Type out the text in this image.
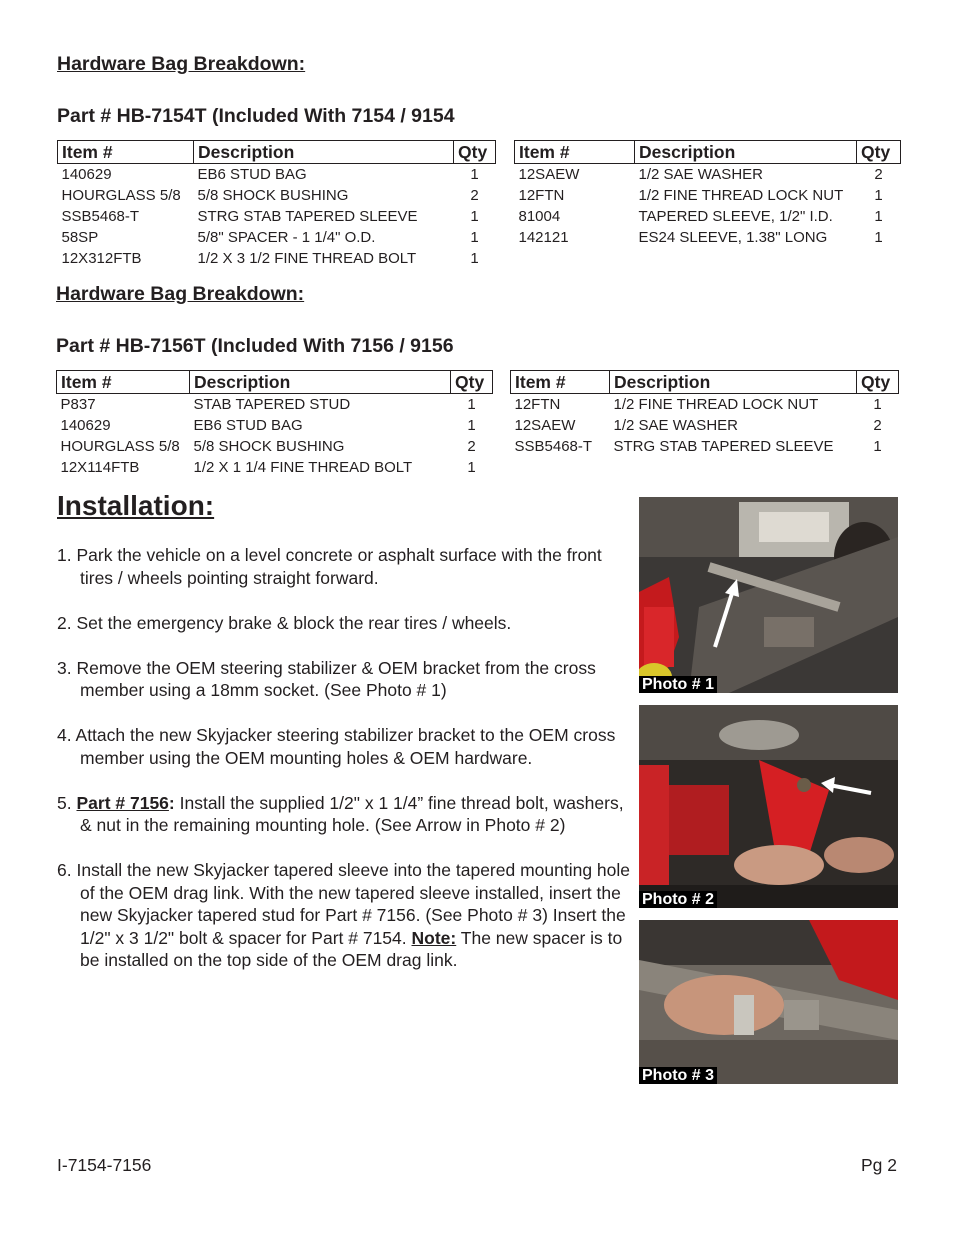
Hardware Bag Breakdown:
Part # HB-7154T (Included With 7154 / 9154
Item #	Description	Qty
140629	EB6 STUD BAG	1
HOURGLASS 5/8	5/8 SHOCK BUSHING	2
SSB5468-T	STRG STAB TAPERED SLEEVE	1
58SP	5/8" SPACER - 1 1/4" O.D.	1
12X312FTB	1/2 X 3 1/2 FINE THREAD BOLT	1
Item #	Description	Qty
12SAEW	1/2 SAE WASHER	2
12FTN	1/2 FINE THREAD LOCK NUT	1
81004	TAPERED SLEEVE, 1/2" I.D.	1
142121	ES24 SLEEVE, 1.38" LONG	1
Hardware Bag Breakdown:
Part # HB-7156T (Included With 7156 / 9156
Item #	Description	Qty
P837	STAB TAPERED STUD	1
140629	EB6 STUD BAG	1
HOURGLASS 5/8	5/8 SHOCK BUSHING	2
12X114FTB	1/2 X 1 1/4 FINE THREAD BOLT	1
Item #	Description	Qty
12FTN	1/2 FINE THREAD LOCK NUT	1
12SAEW	1/2 SAE WASHER	2
SSB5468-T	STRG STAB TAPERED SLEEVE	1
Installation:
1. Park the vehicle on a level concrete or asphalt surface with the front tires / wheels pointing straight forward.
2. Set the emergency brake & block the rear tires / wheels.
3. Remove the OEM steering stabilizer & OEM bracket from the cross member using a 18mm socket. (See Photo # 1)
4. Attach the new Skyjacker steering stabilizer bracket to the OEM cross member using the OEM mounting holes & OEM hardware.
5. Part # 7156: Install the supplied 1/2" x 1 1/4” fine thread bolt, washers, & nut in the remaining mounting hole. (See Arrow in Photo # 2)
6. Install the new Skyjacker tapered sleeve into the tapered mounting hole of the OEM drag link. With the new tapered sleeve installed, insert the new Skyjacker tapered stud for Part # 7156. (See Photo # 3) Insert the 1/2" x 3 1/2" bolt & spacer for Part # 7154. Note: The new spacer is to be installed on the top side of the OEM drag link.
Photo # 1
Photo # 2
Photo # 3
I-7154-7156	Pg 2
